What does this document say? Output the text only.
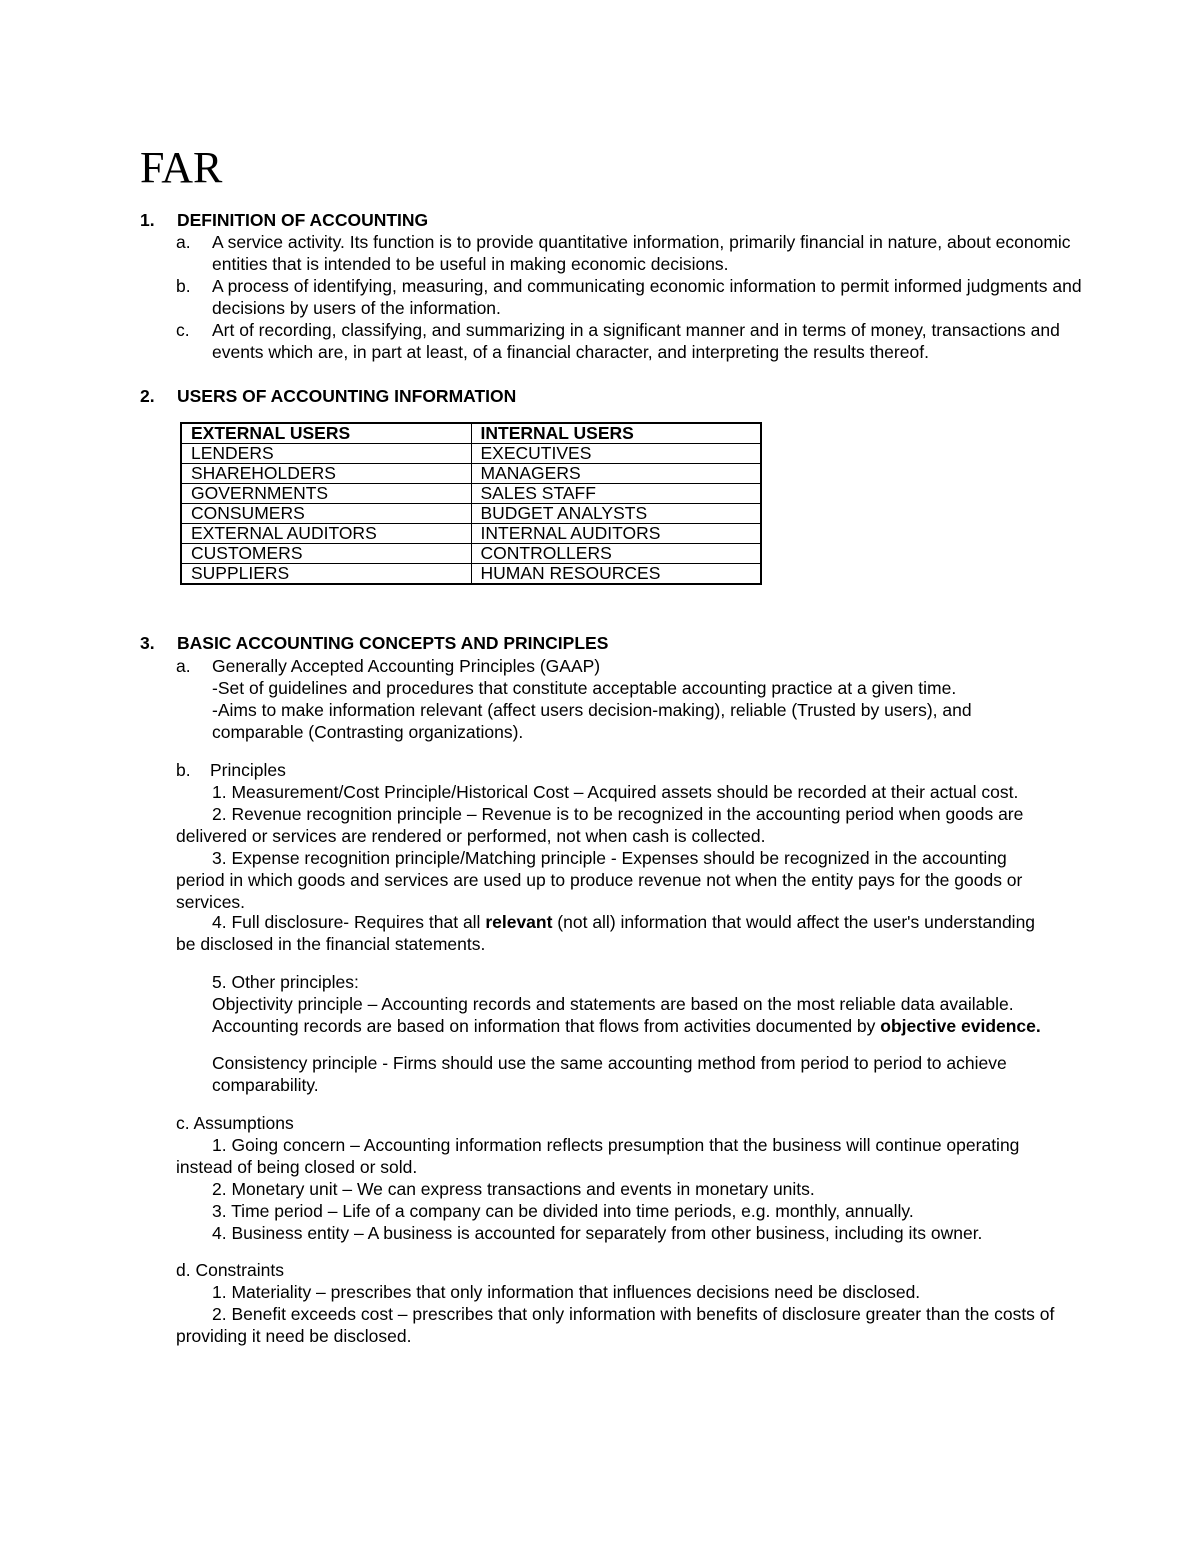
FAR
1. DEFINITION OF ACCOUNTING
a. A service activity. Its function is to provide quantitative information, primarily financial in nature, about economic entities that is intended to be useful in making economic decisions.
b. A process of identifying, measuring, and communicating economic information to permit informed judgments and decisions by users of the information.
c. Art of recording, classifying, and summarizing in a significant manner and in terms of money, transactions and events which are, in part at least, of a financial character, and interpreting the results thereof.
2. USERS OF ACCOUNTING INFORMATION
EXTERNAL USERS	INTERNAL USERS
LENDERS	EXECUTIVES
SHAREHOLDERS	MANAGERS
GOVERNMENTS	SALES STAFF
CONSUMERS	BUDGET ANALYSTS
EXTERNAL AUDITORS	INTERNAL AUDITORS
CUSTOMERS	CONTROLLERS
SUPPLIERS	HUMAN RESOURCES
3. BASIC ACCOUNTING CONCEPTS AND PRINCIPLES
a. Generally Accepted Accounting Principles (GAAP)
-Set of guidelines and procedures that constitute acceptable accounting practice at a given time.
-Aims to make information relevant (affect users decision-making), reliable (Trusted by users), and comparable (Contrasting organizations).
b. Principles
1. Measurement/Cost Principle/Historical Cost – Acquired assets should be recorded at their actual cost.
2. Revenue recognition principle – Revenue is to be recognized in the accounting period when goods are delivered or services are rendered or performed, not when cash is collected.
3. Expense recognition principle/Matching principle - Expenses should be recognized in the accounting period in which goods and services are used up to produce revenue not when the entity pays for the goods or services.
4. Full disclosure- Requires that all relevant (not all) information that would affect the user's understanding be disclosed in the financial statements.
5. Other principles:
Objectivity principle – Accounting records and statements are based on the most reliable data available. Accounting records are based on information that flows from activities documented by objective evidence.
Consistency principle - Firms should use the same accounting method from period to period to achieve comparability.
c. Assumptions
1. Going concern – Accounting information reflects presumption that the business will continue operating instead of being closed or sold.
2. Monetary unit – We can express transactions and events in monetary units.
3. Time period – Life of a company can be divided into time periods, e.g. monthly, annually.
4. Business entity – A business is accounted for separately from other business, including its owner.
d. Constraints
1. Materiality – prescribes that only information that influences decisions need be disclosed.
2. Benefit exceeds cost – prescribes that only information with benefits of disclosure greater than the costs of providing it need be disclosed.
